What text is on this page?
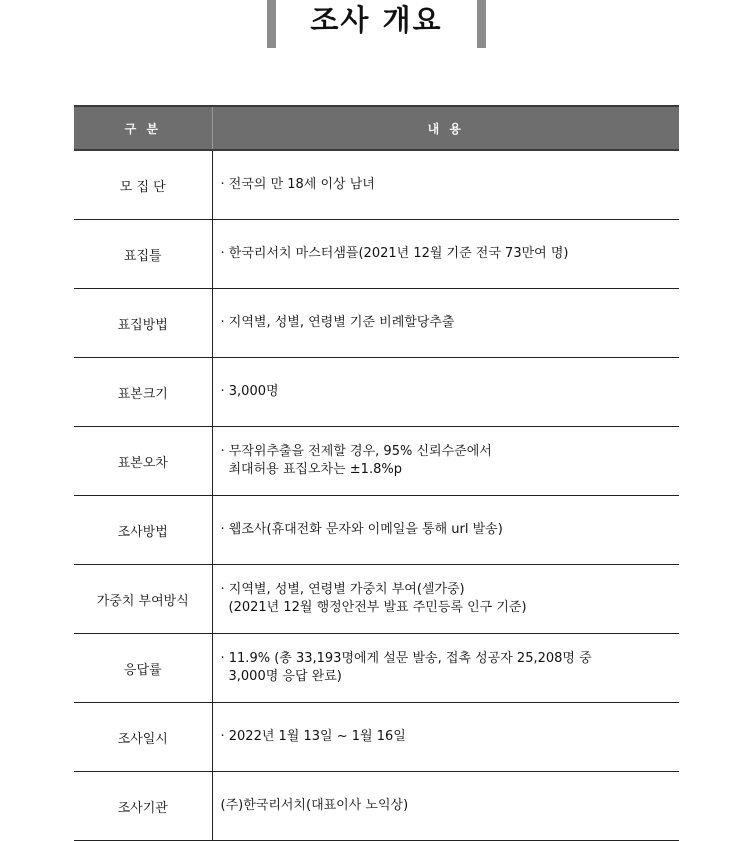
조사 개요
구 분	내 용
모 집 단	· 전국의 만 18세 이상 남녀

표집틀	· 한국리서치 마스터샘플(2021년 12월 기준 전국 73만여 명)

표집방법	· 지역별, 성별, 연령별 기준 비례할당추출

표본크기	· 3,000명

표본오차	· 무작위추출을 전제할 경우, 95% 신뢰수준에서
최대허용 표집오차는 ±1.8%p

조사방법	· 웹조사(휴대전화 문자와 이메일을 통해 url 발송)

가중치 부여방식	· 지역별, 성별, 연령별 가중치 부여(셀가중)
(2021년 12월 행정안전부 발표 주민등록 인구 기준)

응답률	· 11.9% (총 33,193명에게 설문 발송, 접촉 성공자 25,208명 중
3,000명 응답 완료)

조사일시	· 2022년 1월 13일 ~ 1월 16일

조사기관	(주)한국리서치(대표이사 노익상)
